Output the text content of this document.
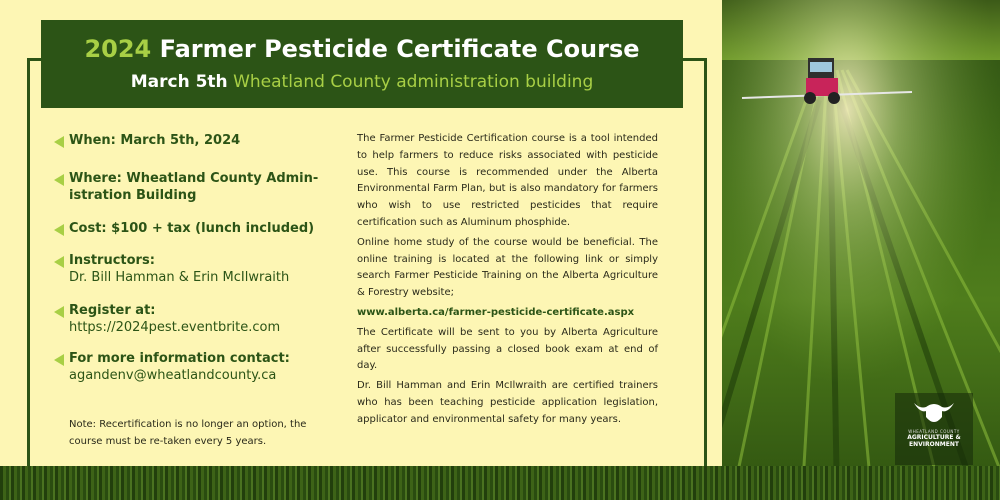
2024 Farmer Pesticide Certificate Course
March 5th Wheatland County administration building
When: March 5th, 2024
Where: Wheatland County Admin-
istration Building
Cost: $100 + tax (lunch included)
Instructors:
Dr. Bill Hamman & Erin McIlwraith
Register at:
https://2024pest.eventbrite.com
For more information contact:
agandenv@wheatlandcounty.ca
Note: Recertification is no longer an option, the course must be re-taken every 5 years.

The Farmer Pesticide Certification course is a tool intended to help farmers to reduce risks associated with pesticide use. This course is recommended under the Alberta Environmental Farm Plan, but is also mandatory for farmers who wish to use restricted pesticides that require certification such as Aluminum phosphide.

Online home study of the course would be beneficial. The online training is located at the following link or simply search Farmer Pesticide Training on the Alberta Agriculture & Forestry website;

www.alberta.ca/farmer-pesticide-certificate.aspx

The Certificate will be sent to you by Alberta Agriculture after successfully passing a closed book exam at end of day.

Dr. Bill Hamman and Erin McIlwraith are certified trainers who has been teaching pesticide application legislation, applicator and environmental safety for many years.

WHEATLAND COUNTY
AGRICULTURE &
ENVIRONMENT
